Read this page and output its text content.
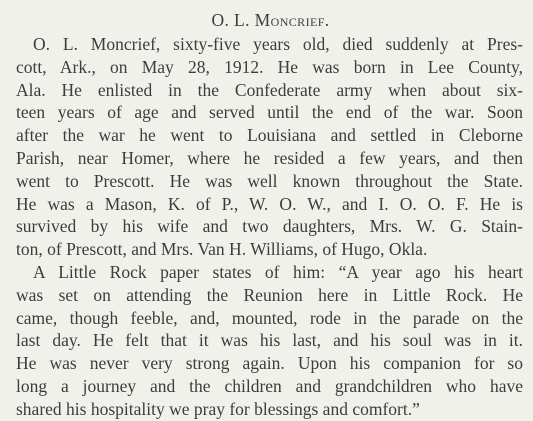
O. L. Moncrief.
O. L. Moncrief, sixty-five years old, died suddenly at Pres-
cott, Ark., on May 28, 1912. He was born in Lee County,
Ala. He enlisted in the Confederate army when about six-
teen years of age and served until the end of the war. Soon
after the war he went to Louisiana and settled in Cleborne
Parish, near Homer, where he resided a few years, and then
went to Prescott. He was well known throughout the State.
He was a Mason, K. of P., W. O. W., and I. O. O. F. He is
survived by his wife and two daughters, Mrs. W. G. Stain-
ton, of Prescott, and Mrs. Van H. Williams, of Hugo, Okla.
A Little Rock paper states of him: “A year ago his heart
was set on attending the Reunion here in Little Rock. He
came, though feeble, and, mounted, rode in the parade on the
last day. He felt that it was his last, and his soul was in it.
He was never very strong again. Upon his companion for so
long a journey and the children and grandchildren who have
shared his hospitality we pray for blessings and comfort.”
